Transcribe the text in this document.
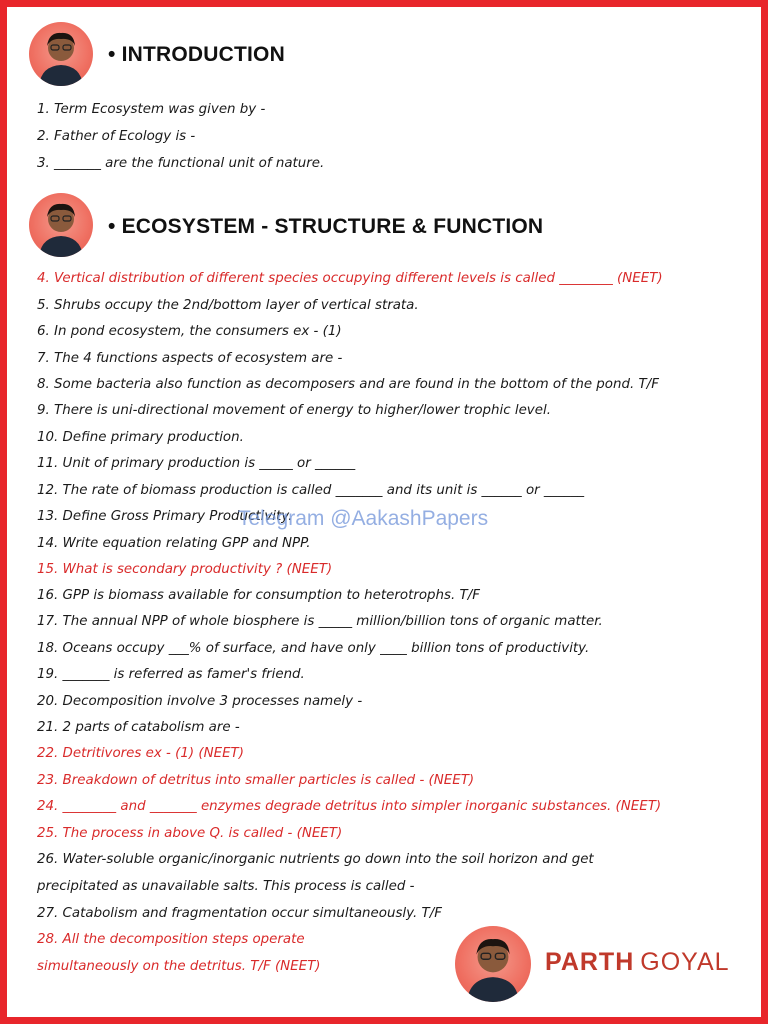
• INTRODUCTION
1. Term Ecosystem was given by -
2. Father of Ecology is -
3. _______ are the functional unit of nature.
• ECOSYSTEM - STRUCTURE & FUNCTION
4. Vertical distribution of different species occupying different levels is called ________ (NEET)
5. Shrubs occupy the 2nd/bottom layer of vertical strata.
6. In pond ecosystem, the consumers ex - (1)
7. The 4 functions aspects of ecosystem are -
8. Some bacteria also function as decomposers and are found in the bottom of the pond. T/F
9. There is uni-directional movement of energy to higher/lower trophic level.
10. Define primary production.
11. Unit of primary production is _____ or ______
12. The rate of biomass production is called _______ and its unit is ______ or ______
13. Define Gross Primary Productivity.
14. Write equation relating GPP and NPP.
15. What is secondary productivity ? (NEET)
16. GPP is biomass available for consumption to heterotrophs. T/F
17. The annual NPP of whole biosphere is _____ million/billion tons of organic matter.
18. Oceans occupy ___% of surface, and have only ____ billion tons of productivity.
19. _______ is referred as famer's friend.
20. Decomposition involve 3 processes namely -
21. 2 parts of catabolism are -
22. Detritivores ex - (1) (NEET)
23. Breakdown of detritus into smaller particles is called - (NEET)
24. ________ and _______ enzymes degrade detritus into simpler inorganic substances. (NEET)
25. The process in above Q. is called - (NEET)
26. Water-soluble organic/inorganic nutrients go down into the soil horizon and get precipitated as unavailable salts. This process is called -
27. Catabolism and fragmentation occur simultaneously. T/F
28. All the decomposition steps operate simultaneously on the detritus. T/F (NEET)
Telegram @AakashPapers
PARTH GOYAL
